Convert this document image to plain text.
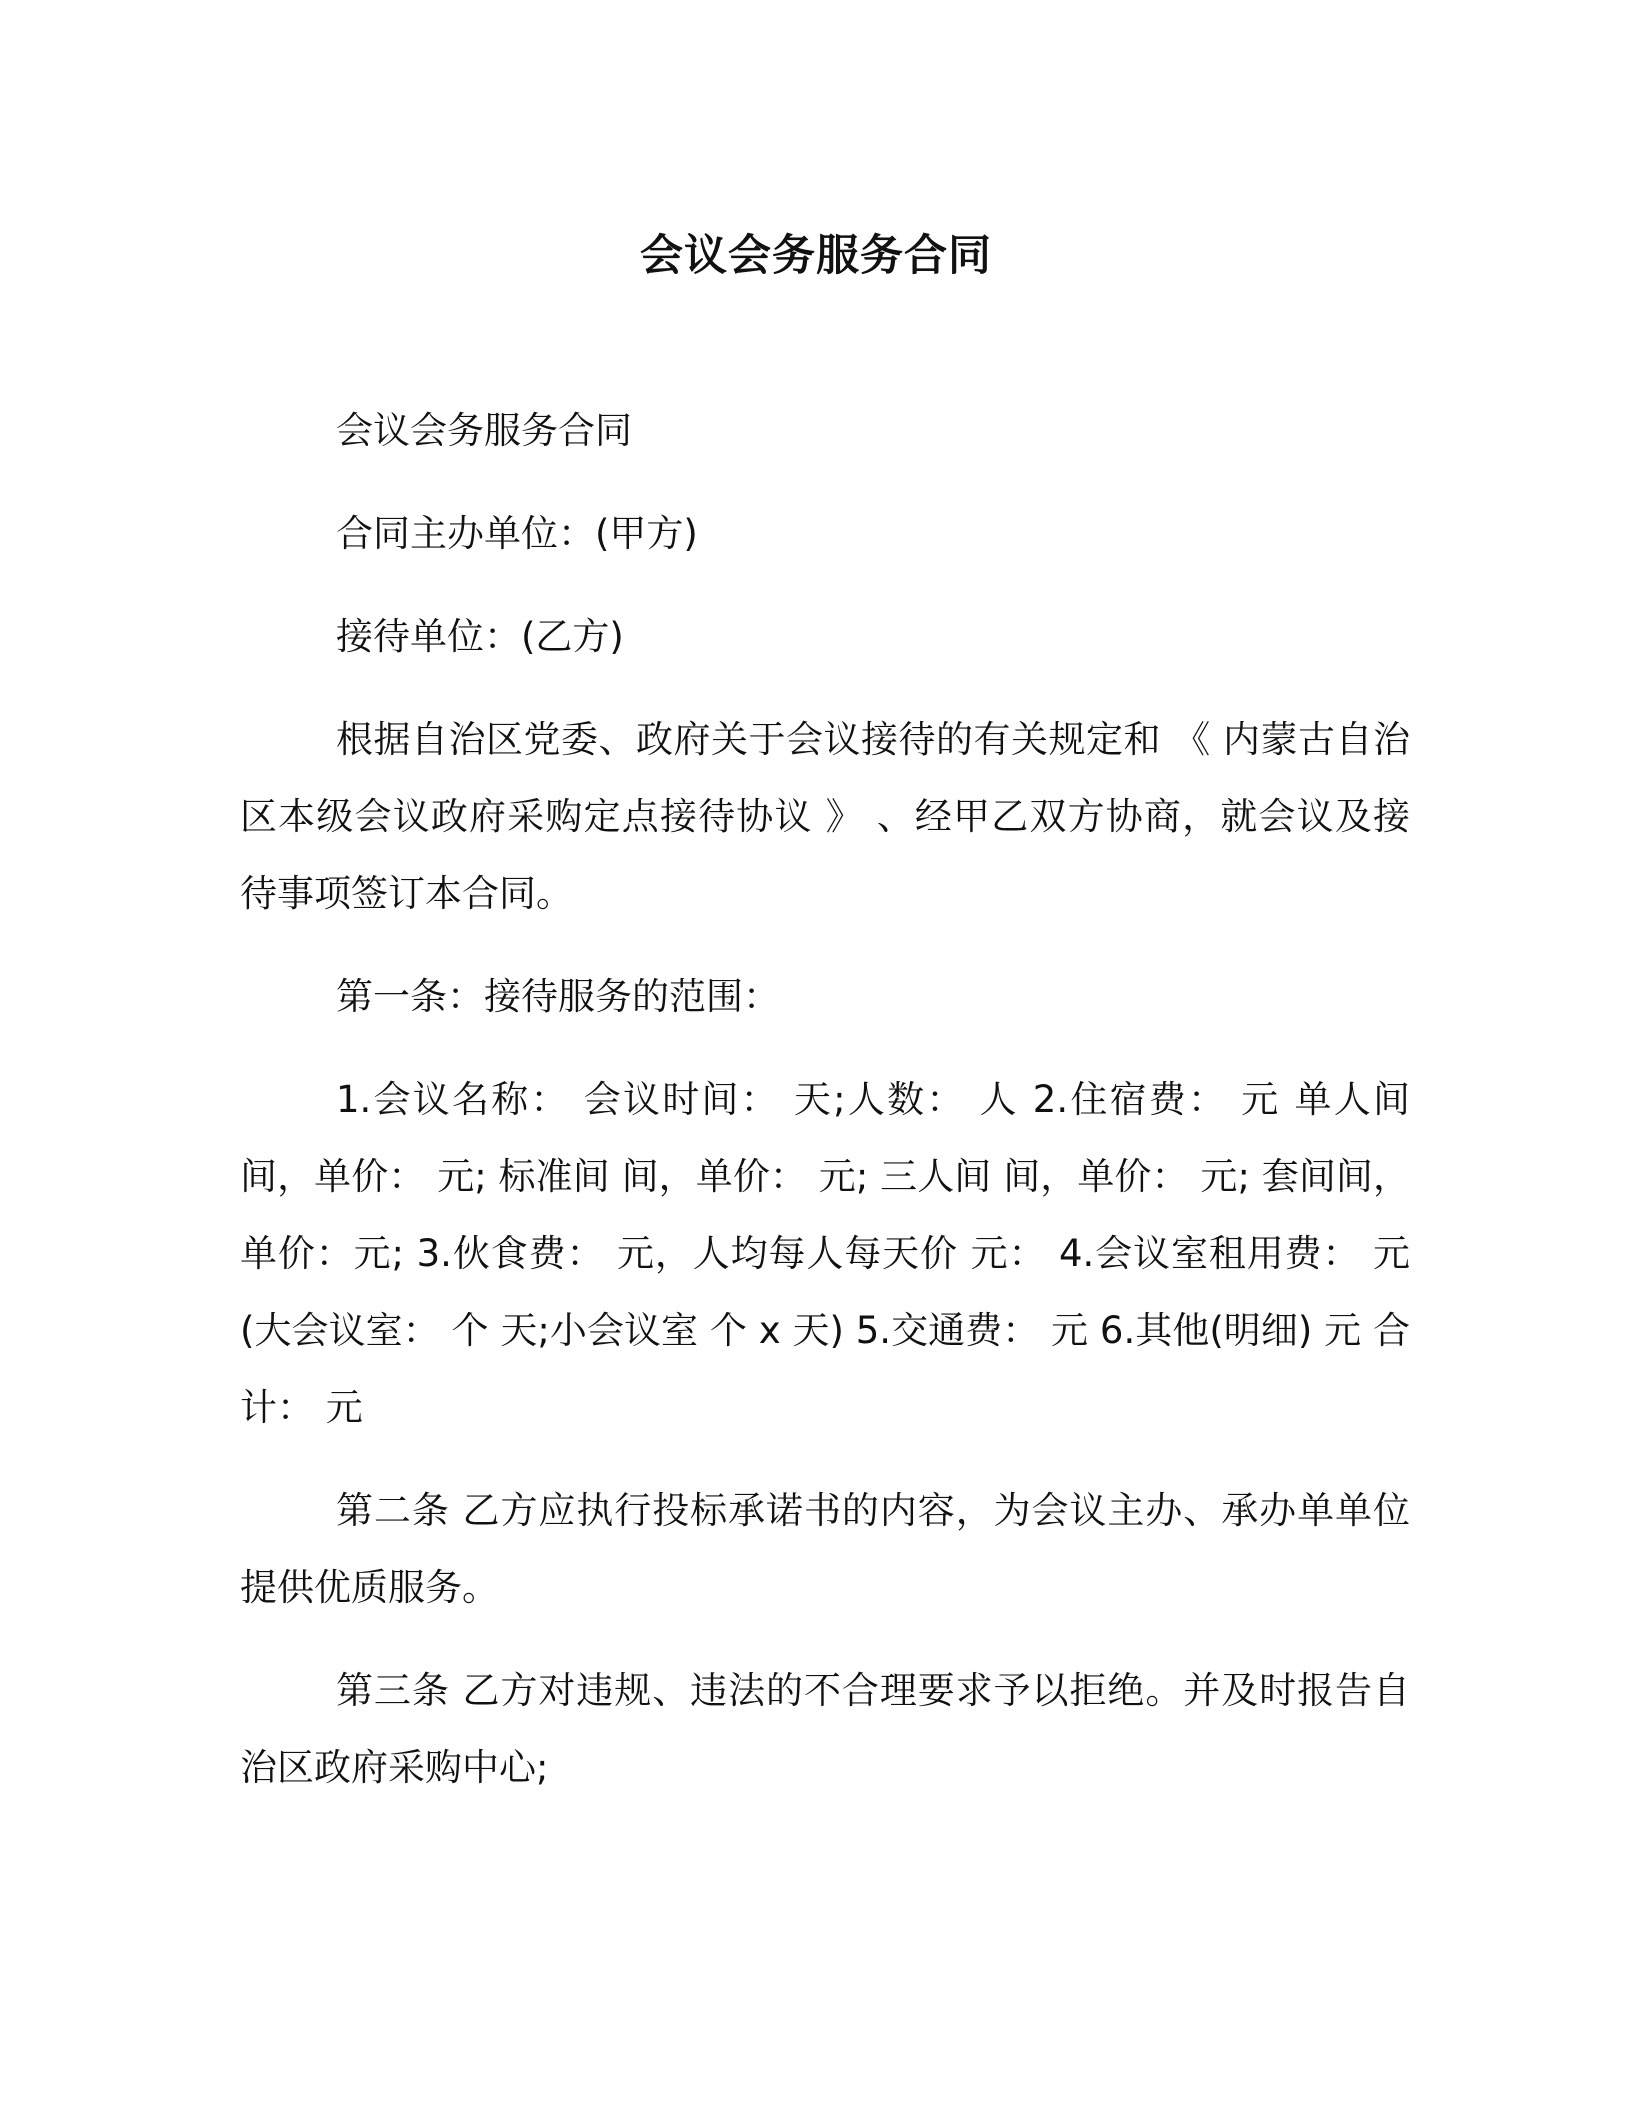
会议会务服务合同

会议会务服务合同

合同主办单位：(甲方)

接待单位：(乙方)

根据自治区党委、政府关于会议接待的有关规定和 《 内蒙古自治区本级会议政府采购定点接待协议 》 、经甲乙双方协商，就会议及接待事项签订本合同。

第一条：接待服务的范围：

1.会议名称： 会议时间： 天;人数： 人 2.住宿费： 元 单人间 间，单价： 元; 标准间 间，单价： 元; 三人间 间，单价： 元; 套间间，单价：元; 3.伙食费： 元，人均每人每天价 元： 4.会议室租用费： 元 (大会议室： 个 天;小会议室 个 x 天) 5.交通费： 元 6.其他(明细) 元 合计： 元

第二条 乙方应执行投标承诺书的内容，为会议主办、承办单单位提供优质服务。

第三条 乙方对违规、违法的不合理要求予以拒绝。并及时报告自治区政府采购中心;
